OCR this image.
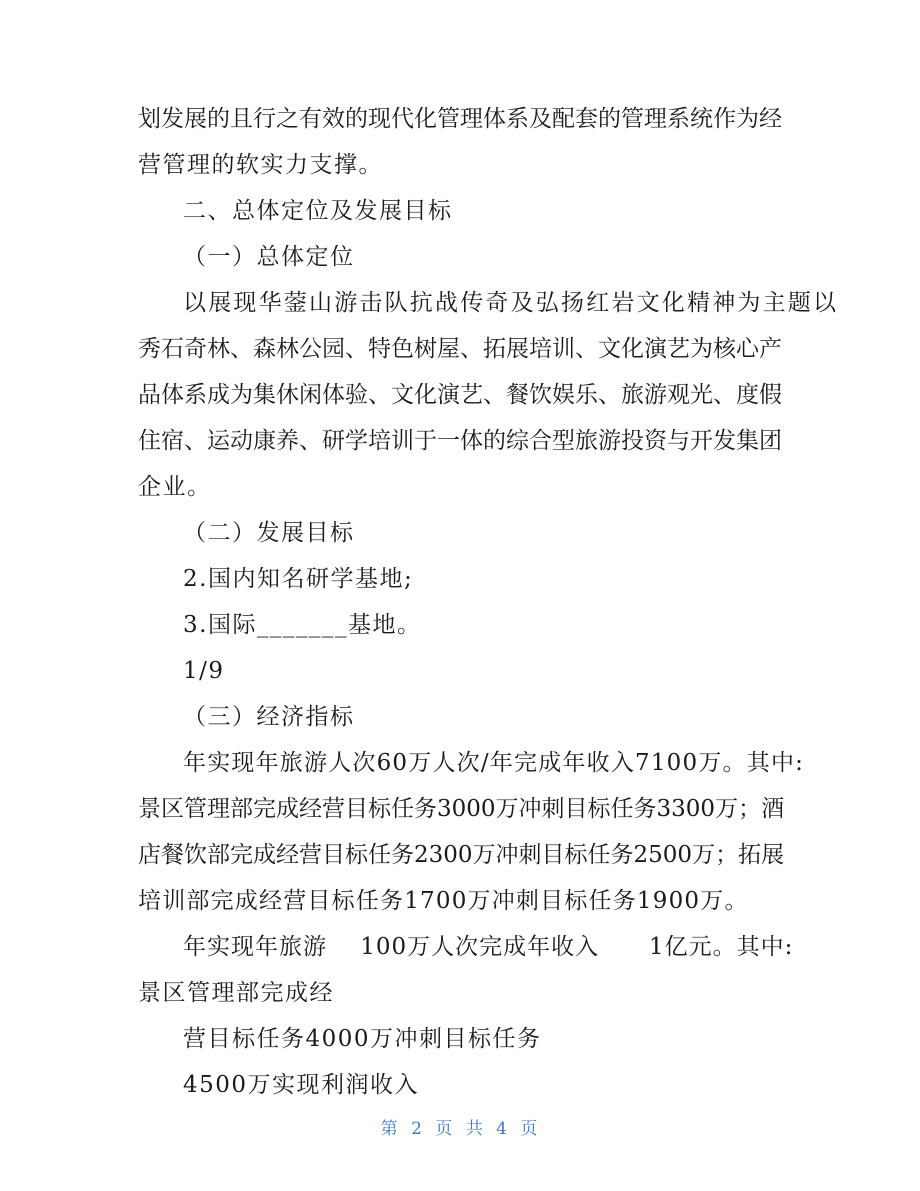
划发展的且行之有效的现代化管理体系及配套的管理系统作为经
营管理的软实力支撑。
二、总体定位及发展目标
（一）总体定位
以展现华蓥山游击队抗战传奇及弘扬红岩文化精神为主题以
秀石奇林、森林公园、特色树屋、拓展培训、文化演艺为核心产
品体系成为集休闲体验、文化演艺、餐饮娱乐、旅游观光、度假
住宿、运动康养、研学培训于一体的综合型旅游投资与开发集团
企业。
（二）发展目标
2.国内知名研学基地;
3.国际_______基地。
1/9
（三）经济指标
年实现年旅游人次60万人次/年完成年收入7100万。其中:
景区管理部完成经营目标任务3000万冲刺目标任务3300万；酒
店餐饮部完成经营目标任务2300万冲刺目标任务2500万；拓展
培训部完成经营目标任务1700万冲刺目标任务1900万。
年实现年旅游    100万人次完成年收入      1亿元。其中:
景区管理部完成经
营目标任务4000万冲刺目标任务
4500万实现利润收入
第 2 页 共 4 页
